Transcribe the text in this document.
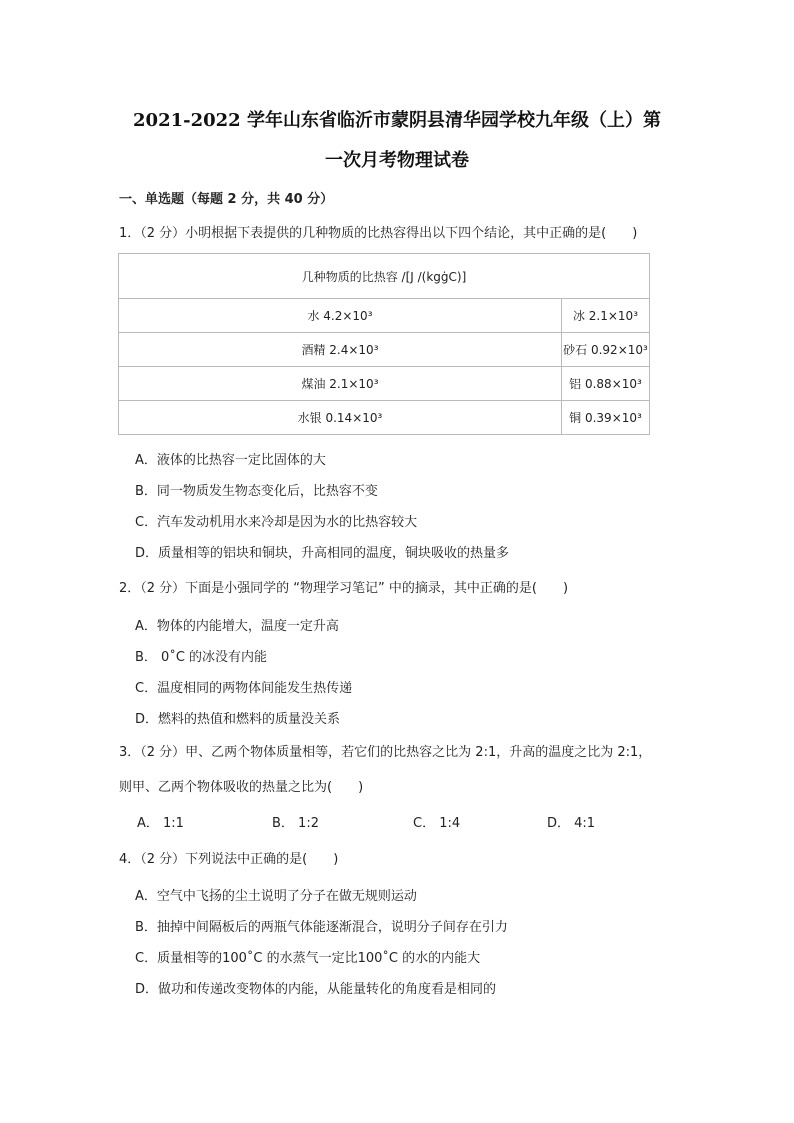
2021-2022 学年山东省临沂市蒙阴县清华园学校九年级（上）第
一次月考物理试卷
一、单选题（每题 2 分，共 40 分）
1．（2 分）小明根据下表提供的几种物质的比热容得出以下四个结论，其中正确的是(　　)
几种物质的比热容 /[J /(kgġC)]	
水 4.2×10³	冰 2.1×10³
酒精 2.4×10³	砂石 0.92×10³
煤油 2.1×10³	铝 0.88×10³
水银 0.14×10³	铜 0.39×10³
A．液体的比热容一定比固体的大
B．同一物质发生物态变化后，比热容不变
C．汽车发动机用水来冷却是因为水的比热容较大
D．质量相等的铝块和铜块，升高相同的温度，铜块吸收的热量多
2．（2 分）下面是小强同学的 “物理学习笔记” 中的摘录，其中正确的是(　　)
A．物体的内能增大，温度一定升高
B． 0˚C 的冰没有内能
C．温度相同的两物体间能发生热传递
D．燃料的热值和燃料的质量没关系
3．（2 分）甲、乙两个物体质量相等，若它们的比热容之比为 2:1，升高的温度之比为 2:1，
则甲、乙两个物体吸收的热量之比为(　　)
A． 1:1	B． 1:2	C． 1:4	D． 4:1
4．（2 分）下列说法中正确的是(　　)
A．空气中飞扬的尘土说明了分子在做无规则运动
B．抽掉中间隔板后的两瓶气体能逐渐混合，说明分子间存在引力
C．质量相等的100˚C 的水蒸气一定比100˚C 的水的内能大
D．做功和传递改变物体的内能，从能量转化的角度看是相同的
